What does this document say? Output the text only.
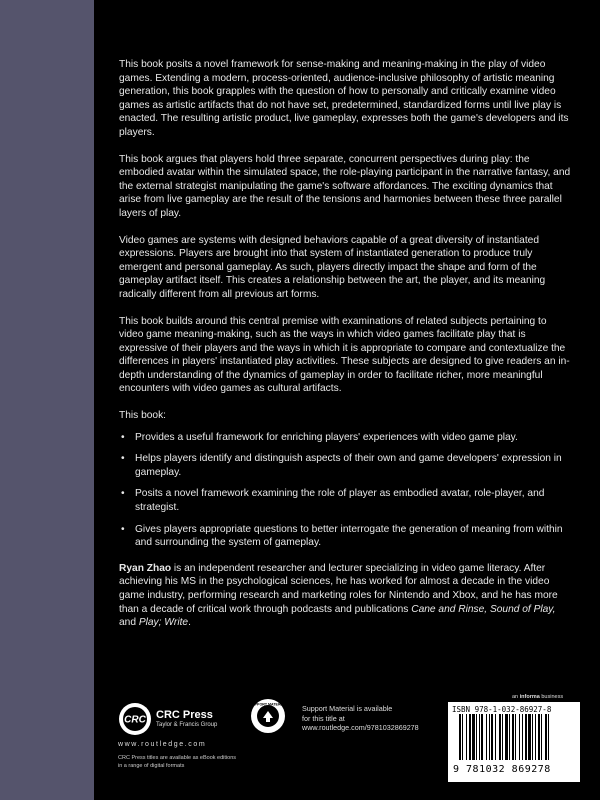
This book posits a novel framework for sense-making and meaning-making in the play of video games. Extending a modern, process-oriented, audience-inclusive philosophy of artistic meaning generation, this book grapples with the question of how to personally and critically examine video games as artistic artifacts that do not have set, predetermined, standardized forms until live play is enacted. The resulting artistic product, live gameplay, expresses both the game's developers and its players.

This book argues that players hold three separate, concurrent perspectives during play: the embodied avatar within the simulated space, the role-playing participant in the narrative fantasy, and the external strategist manipulating the game's software affordances. The exciting dynamics that arise from live gameplay are the result of the tensions and harmonies between these three parallel layers of play.

Video games are systems with designed behaviors capable of a great diversity of instantiated expressions. Players are brought into that system of instantiated generation to produce truly emergent and personal gameplay. As such, players directly impact the shape and form of the gameplay artifact itself. This creates a relationship between the art, the player, and its meaning radically different from all previous art forms.

This book builds around this central premise with examinations of related subjects pertaining to video game meaning-making, such as the ways in which video games facilitate play that is expressive of their players and the ways in which it is appropriate to compare and contextualize the differences in players' instantiated play activities. These subjects are designed to give readers an in-depth understanding of the dynamics of gameplay in order to facilitate richer, more meaningful encounters with video games as cultural artifacts.

This book:

• Provides a useful framework for enriching players' experiences with video game play.
• Helps players identify and distinguish aspects of their own and game developers' expression in gameplay.
• Posits a novel framework examining the role of player as embodied avatar, role-player, and strategist.
• Gives players appropriate questions to better interrogate the generation of meaning from within and surrounding the system of gameplay.

Ryan Zhao is an independent researcher and lecturer specializing in video game literacy. After achieving his MS in the psychological sciences, he has worked for almost a decade in the video game industry, performing research and marketing roles for Nintendo and Xbox, and he has more than a decade of critical work through podcasts and publications Cane and Rinse, Sound of Play, and Play; Write.

an informa business
CRC CRC Press
Taylor & Francis Group
www.routledge.com
CRC Press titles are available as eBook editions in a range of digital formats
SUPPORT MATERIAL Support Material is available
for this title at
www.routledge.com/9781032869278
ISBN 978-1-032-86927-8
9 781032 869278
